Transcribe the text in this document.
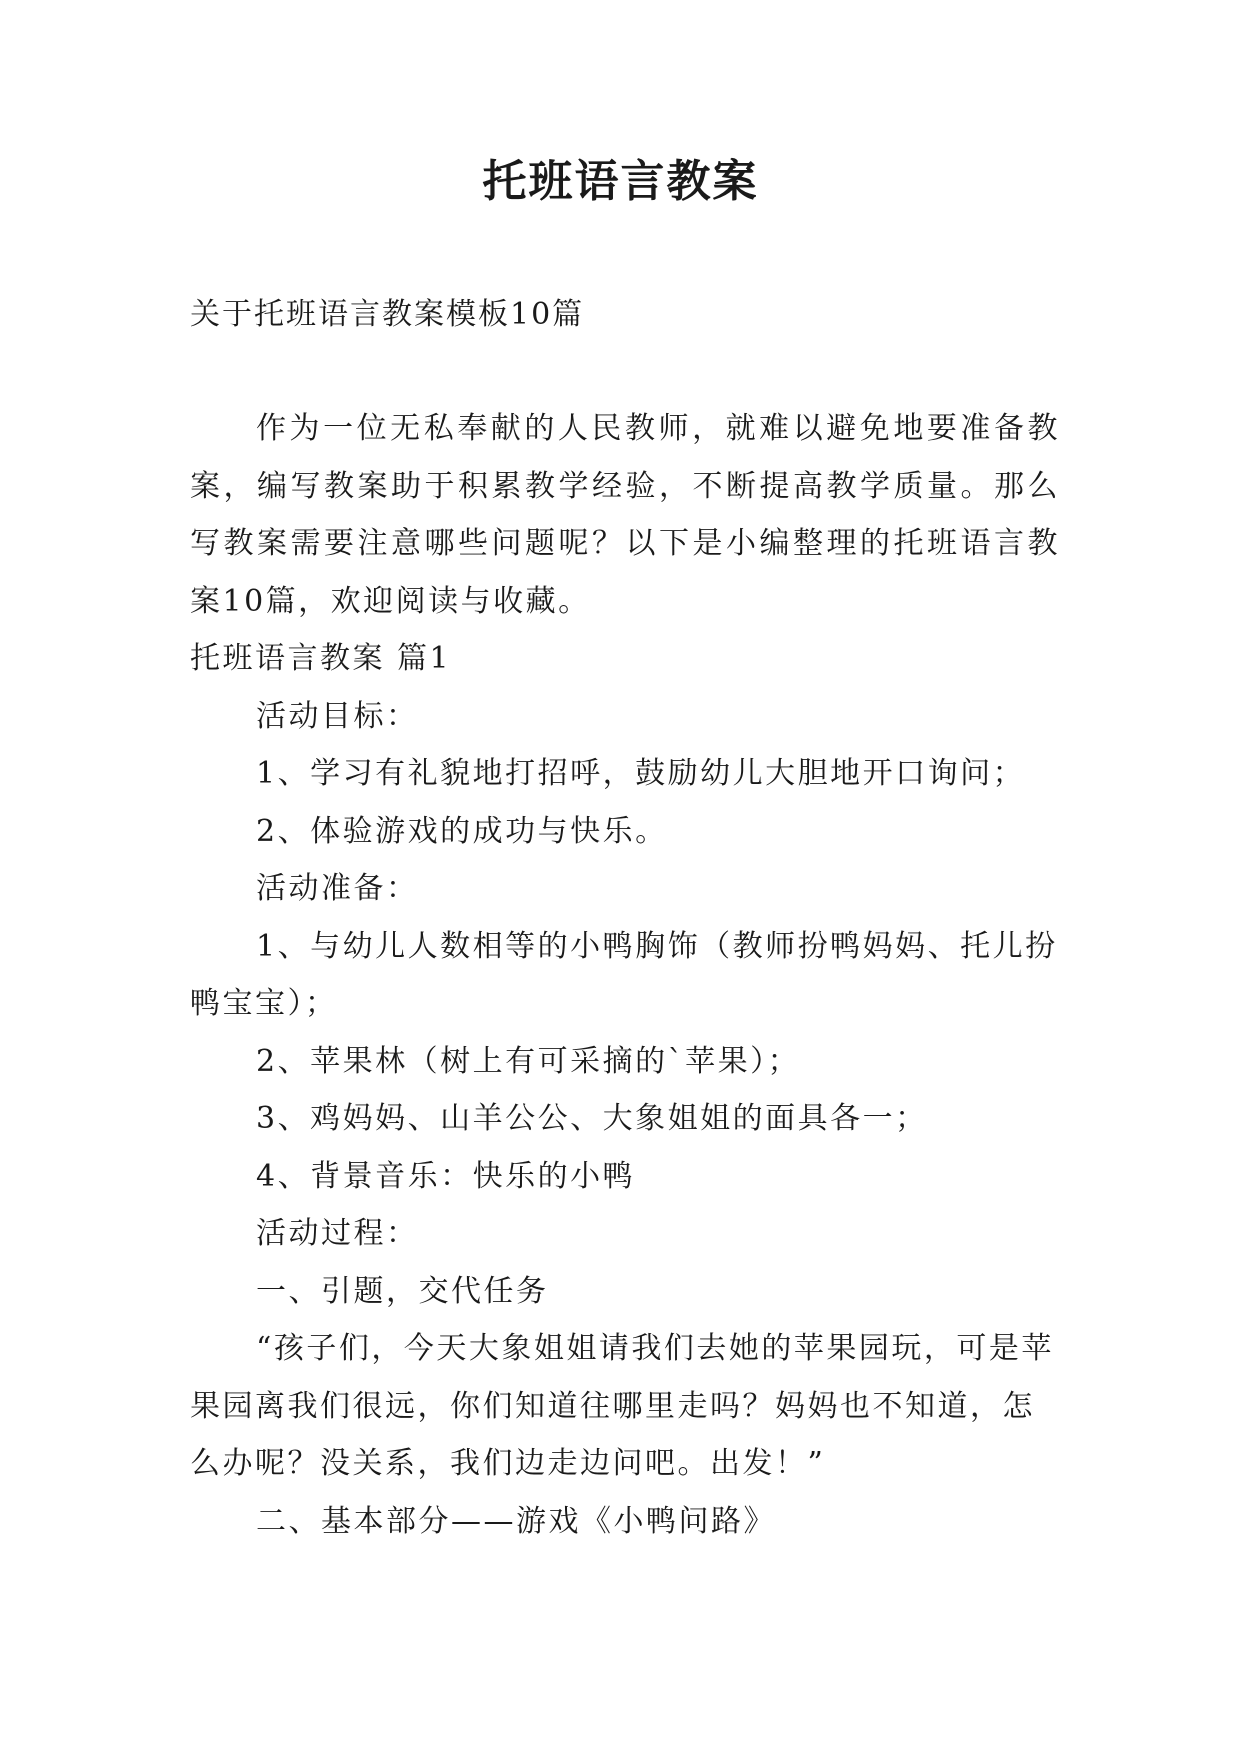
托班语言教案
关于托班语言教案模板10篇

作为一位无私奉献的人民教师，就难以避免地要准备教案，编写教案助于积累教学经验，不断提高教学质量。那么写教案需要注意哪些问题呢？以下是小编整理的托班语言教案10篇，欢迎阅读与收藏。

托班语言教案 篇1

活动目标：

1、学习有礼貌地打招呼，鼓励幼儿大胆地开口询问；

2、体验游戏的成功与快乐。

活动准备：

1、与幼儿人数相等的小鸭胸饰（教师扮鸭妈妈、托儿扮鸭宝宝）；

2、苹果林（树上有可采摘的`苹果）；

3、鸡妈妈、山羊公公、大象姐姐的面具各一；

4、背景音乐：快乐的小鸭

活动过程：

一、引题，交代任务

“孩子们，今天大象姐姐请我们去她的苹果园玩，可是苹果园离我们很远，你们知道往哪里走吗？妈妈也不知道，怎么办呢？没关系，我们边走边问吧。出发！”

二、基本部分——游戏《小鸭问路》
